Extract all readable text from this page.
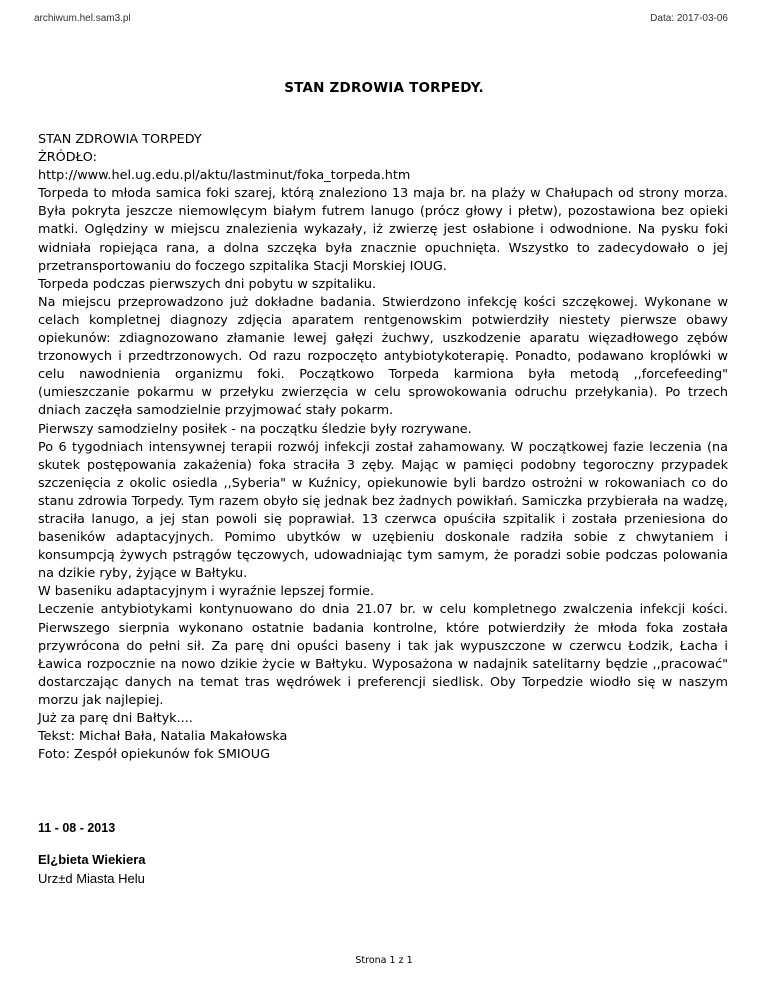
archiwum.hel.sam3.pl	Data: 2017-03-06
STAN ZDROWIA TORPEDY.

STAN ZDROWIA TORPEDY

ŹRÓDŁO:

http://www.hel.ug.edu.pl/aktu/lastminut/foka_torpeda.htm

Torpeda to młoda samica foki szarej, którą znaleziono 13 maja br. na plaży w Chałupach od strony morza. Była pokryta jeszcze niemowlęcym białym futrem lanugo (prócz głowy i płetw), pozostawiona bez opieki matki. Oględziny w miejscu znalezienia wykazały, iż zwierzę jest osłabione i odwodnione. Na pysku foki widniała ropiejąca rana, a dolna szczęka była znacznie opuchnięta. Wszystko to zadecydowało o jej przetransportowaniu do foczego szpitalika Stacji Morskiej IOUG.

Torpeda podczas pierwszych dni pobytu w szpitaliku.

Na miejscu przeprowadzono już dokładne badania. Stwierdzono infekcję kości szczękowej. Wykonane w celach kompletnej diagnozy zdjęcia aparatem rentgenowskim potwierdziły niestety pierwsze obawy opiekunów: zdiagnozowano złamanie lewej gałęzi żuchwy, uszkodzenie aparatu więzadłowego zębów trzonowych i przedtrzonowych. Od razu rozpoczęto antybiotykoterapię. Ponadto, podawano kroplówki w celu nawodnienia organizmu foki. Początkowo Torpeda karmiona była metodą ,,forcefeeding" (umieszczanie pokarmu w przełyku zwierzęcia w celu sprowokowania odruchu przełykania). Po trzech dniach zaczęła samodzielnie przyjmować stały pokarm.

Pierwszy samodzielny posiłek - na początku śledzie były rozrywane.

Po 6 tygodniach intensywnej terapii rozwój infekcji został zahamowany. W początkowej fazie leczenia (na skutek postępowania zakażenia) foka straciła 3 zęby. Mając w pamięci podobny tegoroczny przypadek szczenięcia z okolic osiedla ,,Syberia" w Kuźnicy, opiekunowie byli bardzo ostrożni w rokowaniach co do stanu zdrowia Torpedy. Tym razem obyło się jednak bez żadnych powikłań. Samiczka przybierała na wadzę, straciła lanugo, a jej stan powoli się poprawiał. 13 czerwca opuściła szpitalik i została przeniesiona do baseników adaptacyjnych. Pomimo ubytków w uzębieniu doskonale radziła sobie z chwytaniem i konsumpcją żywych pstrągów tęczowych, udowadniając tym samym, że poradzi sobie podczas polowania na dzikie ryby, żyjące w Bałtyku.

W baseniku adaptacyjnym i wyraźnie lepszej formie.

Leczenie antybiotykami kontynuowano do dnia 21.07 br. w celu kompletnego zwalczenia infekcji kości. Pierwszego sierpnia wykonano ostatnie badania kontrolne, które potwierdziły że młoda foka została przywrócona do pełni sił. Za parę dni opuści baseny i tak jak wypuszczone w czerwcu Łodzik, Łacha i Ławica rozpocznie na nowo dzikie życie w Bałtyku. Wyposażona w nadajnik satelitarny będzie ,,pracować" dostarczając danych na temat tras wędrówek i preferencji siedlisk. Oby Torpedzie wiodło się w naszym morzu jak najlepiej.

Już za parę dni Bałtyk....

Tekst: Michał Bała, Natalia Makałowska

Foto: Zespół opiekunów fok SMIOUG

11 - 08 - 2013
El¿bieta Wiekiera
Urz±d Miasta Helu
Strona 1 z 1
